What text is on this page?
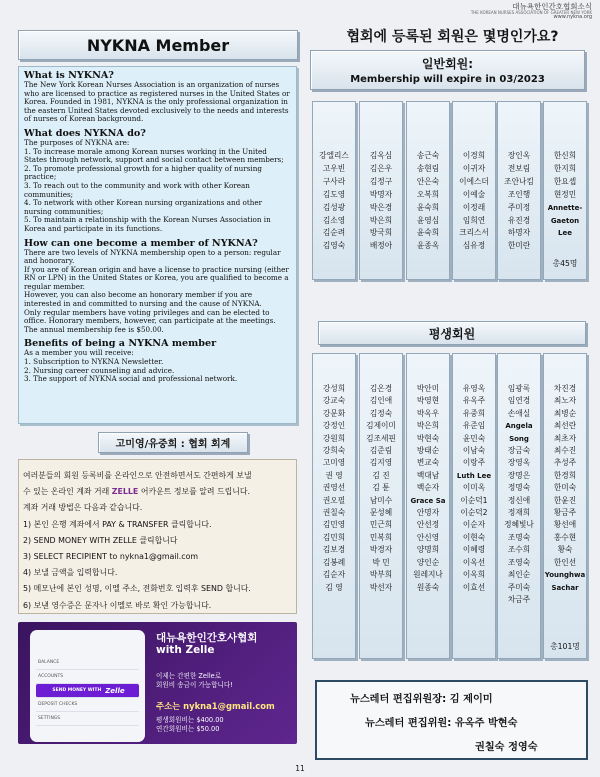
대뉴욕한인간호협회소식
THE KOREAN NURSES ASSOCIATION OF GREATER NEW YORK
www.nykna.org
NYKNA Member
What is NYKNA?

The New York Korean Nurses Association is an organization of nurses who are licensed to practice as registered nurses in the United States or Korea. Founded in 1981, NYKNA is the only professional organization in the eastern United States devoted exclusively to the needs and interests of nurses of Korean background.

What does NYKNA do?

The purposes of NYKNA are:

1. To increase morale among Korean nurses working in the United States through network, support and social contact between members;

2. To promote professional growth for a higher quality of nursing practice;

3. To reach out to the community and work with other Korean communities;

4. To network with other Korean nursing organizations and other nursing communities;

5. To maintain a relationship with the Korean Nurses Association in Korea and participate in its functions.

How can one become a member of NYKNA?

There are two levels of NYKNA membership open to a person: regular and honorary.

If you are of Korean origin and have a license to practice nursing (either RN or LPN) in the United States or Korea, you are qualified to become a regular member.

However, you can also become an honorary member if you are interested in and committed to nursing and the cause of NYKNA.

Only regular members have voting privileges and can be elected to office. Honorary members, however, can participate at the meetings.

The annual membership fee is $50.00.

Benefits of being a NYKNA member

As a member you will receive:

1. Subscription to NYKNA Newsletter.

2. Nursing career counseling and advice.

3. The support of NYKNA social and professional network.

고미영/유중희 : 협회 회계

여러분들의 회원 등록비를 온라인으로 안전하면서도 간편하게 보낼

수 있는 온라인 계좌 거래 ZELLE 어카운트 정보를 알려 드립니다.

계좌 거래 방법은 다음과 같습니다.

1) 본인 은행 계좌에서 PAY & TRANSFER 클릭합니다.

2) SEND MONEY WITH ZELLE 클릭합니다

3) SELECT RECIPIENT to nykna1@gmail.com

4) 보낼 금액을 입력합니다.

5) 메모난에 본인 성명, 이멜 주소, 전화번호 입력후 SEND 합니다.

6) 보낸 영수증은 문자나 이멜로 바로 확인 가능합니다.

BALANCE
ACCOUNTS
SEND MONEY WITH Zelle
DEPOSIT CHECKS
SETTINGS
대뉴욕한인간호사협회
with Zelle
이제는 간편한 Zelle로
회원비 송금이 가능합니다!
주소는 nykna1@gmail.com
평생회원비는 $400.00
연간회원비는 $50.00
협회에 등록된 회원은 몇명인가요?
일반회원:
Membership will expire in 03/2023
강엘리스
고우빈
구사라
김도영
김성광
김소영
김순려
김영숙
김옥심
김은우
김정구
박명자
박은경
박은희
방국희
배정아
송근숙
송현림
안은숙
오복희
윤숙희
윤영심
윤숙희
윤종옥
이경희
이귀자
이에스더
이예술
이정래
임희연
크리스서
심유정
장인옥
전보림
조안나킴
조인행
주미정
유진경
하명자
한미란
한신희
한지희
한요셉
현정민
Annette-
Gaeton
Lee
총45명
평생회원
강성희
강교숙
강문화
강정인
강원희
강희숙
고미영
권 영
권영선
권오필
권칠숙
김민영
김민희
김보경
김봉례
김순자
김 영
김온경
김인애
김정숙
김제이미
김조세핀
김준림
김지영
김 진
김 툰
남미수
문성혜
민근희
민복희
박경자
박 민
박부희
박선자
박안미
박영현
박옥우
박은희
박현숙
방태순
변교숙
백대남
백순자
Grace Sa
안명자
안선정
안신영
양명희
양인순
원레지나
원종숙
유영옥
유옥주
유중희
유준임
윤민숙
이남숙
이랑주
Luth Lee
이미옥
이순덕1
이순덕2
이순자
이현숙
이혜령
이옥선
이옥희
이효선
임광록
임연경
손애실
Angela
Song
장금숙
장영옥
장명은
정명숙
정신애
정재희
정혜빛나
조명숙
조수희
조영숙
최인순
주미숙
차금주
차진경
최노자
최병순
최선란
최초자
최수진
추성주
한경희
한미숙
한윤진
황금주
황선애
홍수현
황숙
한인선
Younghwa
Sachar
총101명
뉴스레터 편집위원장: 김 제이미
뉴스레터 편집위원: 유옥주 박현숙
권칠숙 정영숙
11
